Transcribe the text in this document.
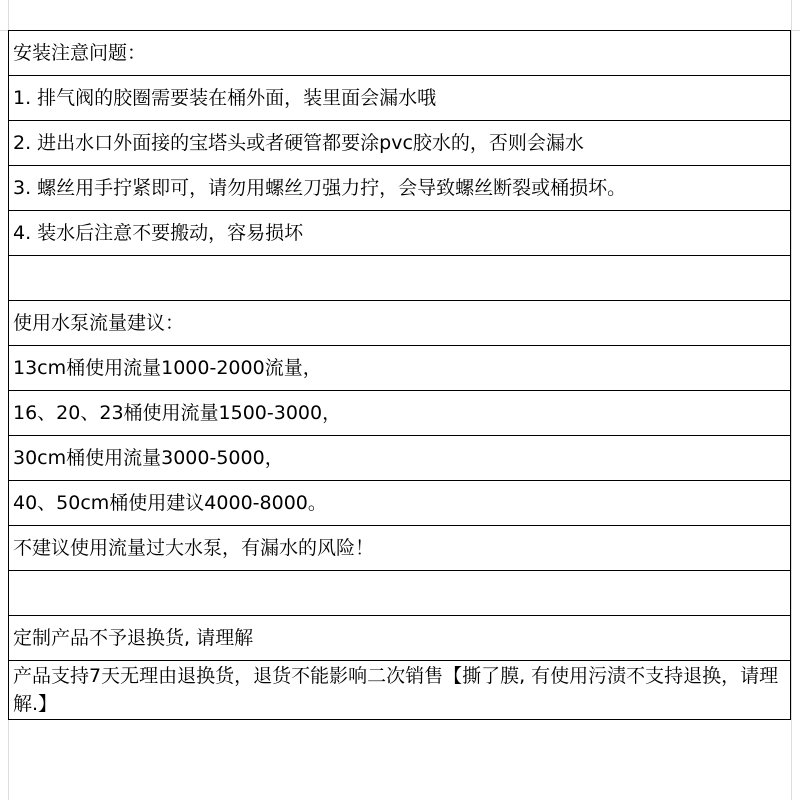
安装注意问题：
1. 排气阀的胶圈需要装在桶外面，装里面会漏水哦
2. 进出水口外面接的宝塔头或者硬管都要涂pvc胶水的，否则会漏水
3. 螺丝用手拧紧即可，请勿用螺丝刀强力拧，会导致螺丝断裂或桶损坏。
4. 装水后注意不要搬动，容易损坏

使用水泵流量建议：
13cm桶使用流量1000-2000流量，
16、20、23桶使用流量1500-3000，
30cm桶使用流量3000-5000，
40、50cm桶使用建议4000-8000。
不建议使用流量过大水泵，有漏水的风险！

定制产品不予退换货, 请理解
产品支持7天无理由退换货，退货不能影响二次销售【撕了膜, 有使用污渍不支持退换，请理解.】
